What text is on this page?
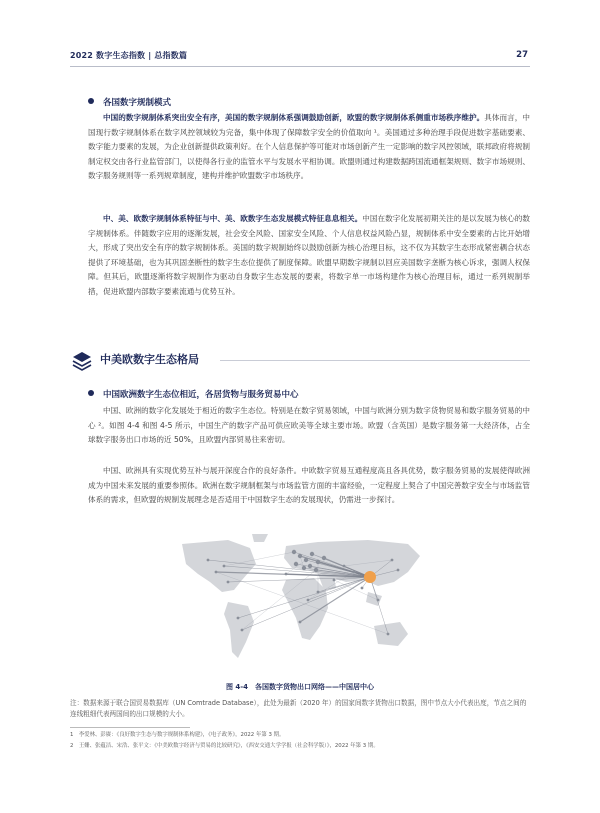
2022 数字生态指数 | 总指数篇	27
各国数字规制模式
中国的数字规制体系突出安全有序，美国的数字规制体系强调鼓励创新，欧盟的数字规制体系侧重市场秩序维护。具体而言，中国现行数字规制体系在数字风控领域较为完备，集中体现了保障数字安全的价值取向 ¹。美国通过多种治理手段促进数字基础要素、数字能力要素的发展，为企业创新提供政策利好。在个人信息保护等可能对市场创新产生一定影响的数字风控领域，联邦政府将规制制定权交由各行业监管部门，以使得各行业的监管水平与发展水平相协调。欧盟则通过构建数据跨国流通框架规则、数字市场规则、数字服务规则等一系列规章制度，建构并维护欧盟数字市场秩序。
中、美、欧数字规制体系特征与中、美、欧数字生态发展模式特征息息相关。中国在数字化发展初期关注的是以发展为核心的数字规制体系。伴随数字应用的逐渐发展，社会安全风险、国家安全风险、个人信息权益风险凸显，规制体系中安全要素的占比开始增大，形成了突出安全有序的数字规制体系。美国的数字规制始终以鼓励创新为核心治理目标，这不仅为其数字生态形成紧密耦合状态提供了环境基础，也为其巩固垄断性的数字生态位提供了制度保障。欧盟早期数字规制以回应美国数字垄断为核心诉求，强调人权保障。但其后，欧盟逐渐将数字规制作为驱动自身数字生态发展的要素，将数字单一市场构建作为核心治理目标，通过一系列规制举措，促进欧盟内部数字要素流通与优势互补。
中美欧数字生态格局
中国欧洲数字生态位相近，各居货物与服务贸易中心
中国、欧洲的数字化发展处于相近的数字生态位。特别是在数字贸易领域，中国与欧洲分别为数字货物贸易和数字服务贸易的中心 ²。如图 4-4 和图 4-5 所示，中国生产的数字产品可供应欧美等全球主要市场。欧盟（含英国）是数字服务第一大经济体，占全球数字服务出口市场的近 50%，且欧盟内部贸易往来密切。
中国、欧洲具有实现优势互补与展开深度合作的良好条件。中欧数字贸易互通程度高且各具优势，数字服务贸易的发展使得欧洲成为中国未来发展的重要参照体。欧洲在数字规制框架与市场监管方面的丰富经验，一定程度上契合了中国完善数字安全与市场监管体系的需求，但欧盟的规制发展理念是否适用于中国数字生态的发展现状，仍需进一步探讨。
图 4-4　各国数字货物出口网络——中国居中心
注：数据来源于联合国贸易数据库（UN Comtrade Database），此处为最新（2020 年）的国家间数字货物出口数据，图中节点大小代表出度，节点之间的连线粗细代表两国间的出口规模的大小。
1　李爱林、彭赓：《良好数字生态与数字规制体系构建》，《电子政务》，2022 年第 3 期。
2　王姗、张蕴洁、宋浩、张平文：《中美欧数字经济与贸易的比较研究》，《西安交通大学学报（社会科学版）》，2022 年第 3 期。
